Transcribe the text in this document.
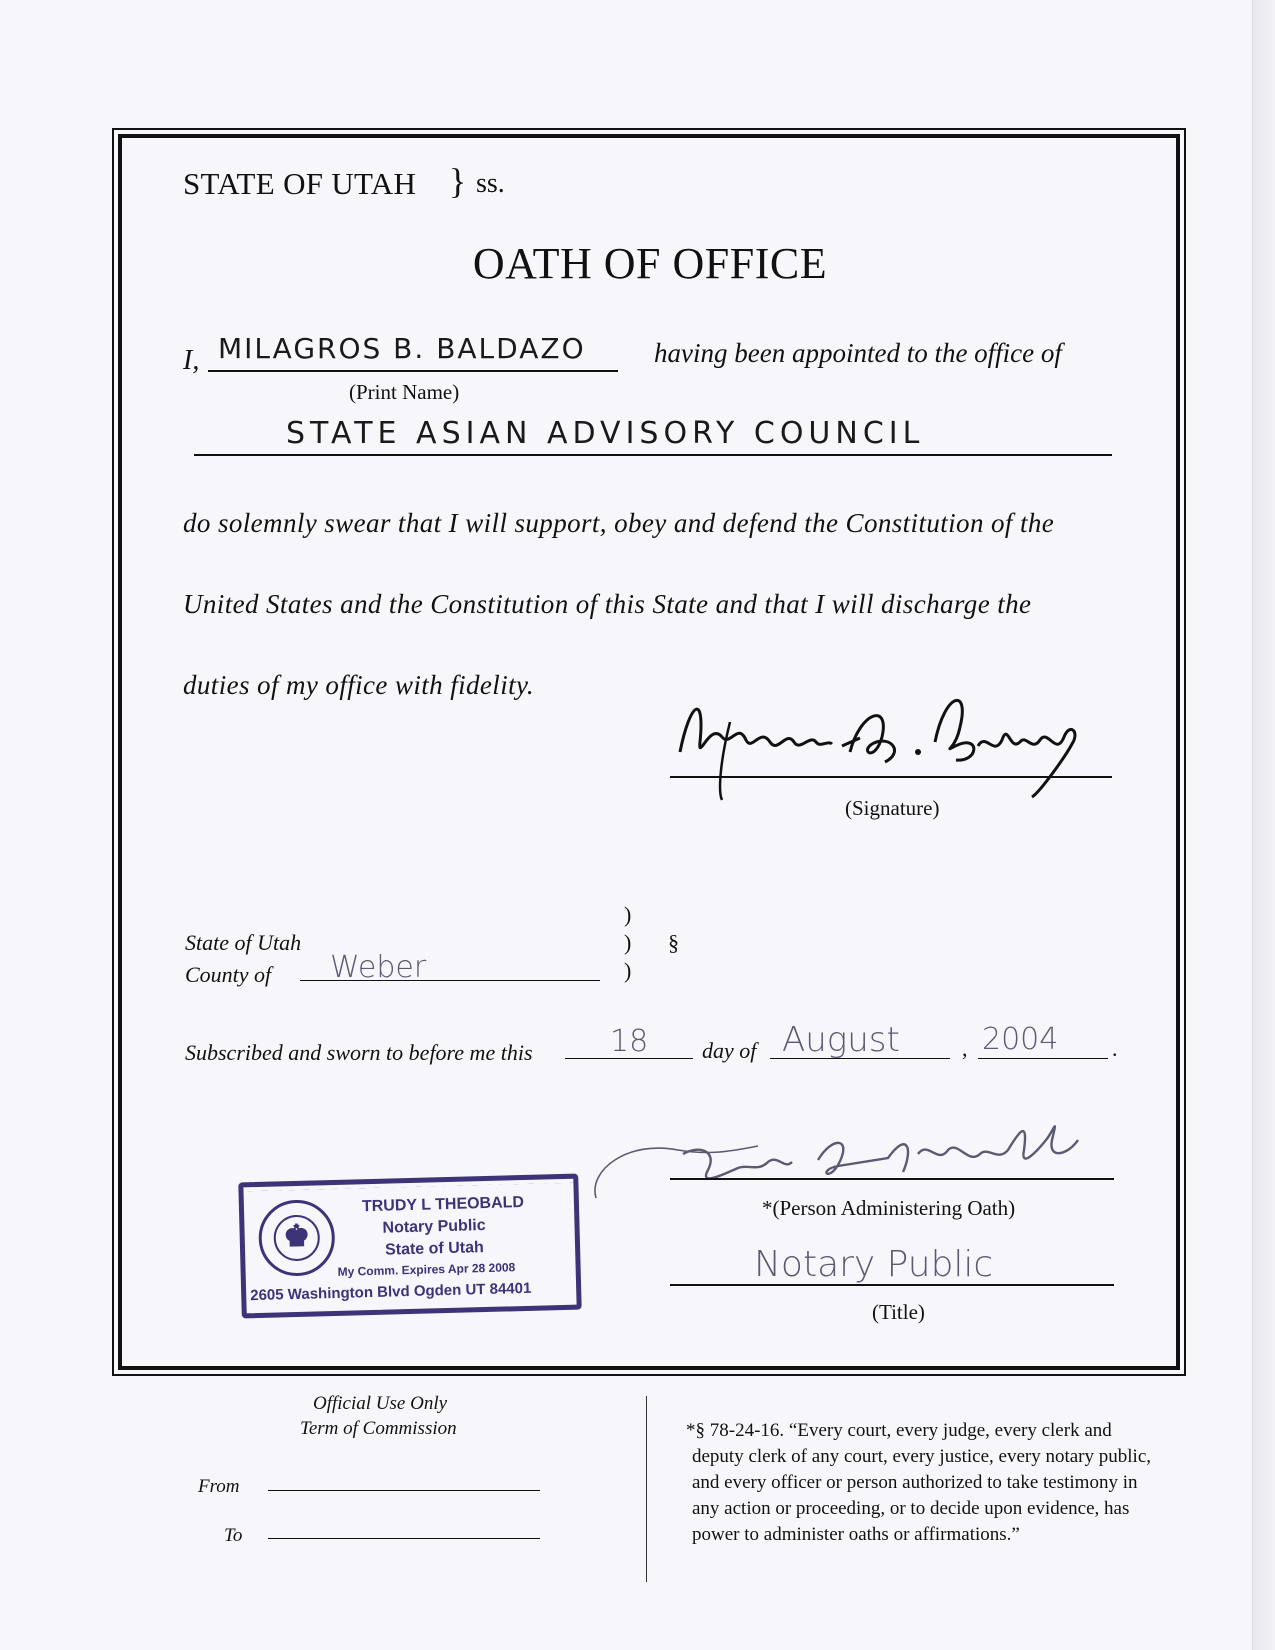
STATE OF UTAH } ss.
OATH OF OFFICE
I, MILAGROS B. BALDAZO	having been appointed to the office of
(Print Name)
STATE ASIAN ADVISORY COUNCIL
do solemnly swear that I will support, obey and defend the Constitution of the
United States and the Constitution of this State and that I will discharge the
duties of my office with fidelity.
(Signature)
State of Utah
County of Weber
)
)
)
§
Subscribed and sworn to before me this	18 day of August	, 2004 .
*(Person Administering Oath)
Notary Public
(Title)
♚
TRUDY L THEOBALD
Notary Public
State of Utah
My Comm. Expires Apr 28 2008
2605 Washington Blvd Ogden UT 84401
Official Use Only
Term of Commission
From
To
*§ 78-24-16. “Every court, every judge, every clerk and
deputy clerk of any court, every justice, every notary public,
and every officer or person authorized to take testimony in
any action or proceeding, or to decide upon evidence, has
power to administer oaths or affirmations.”
